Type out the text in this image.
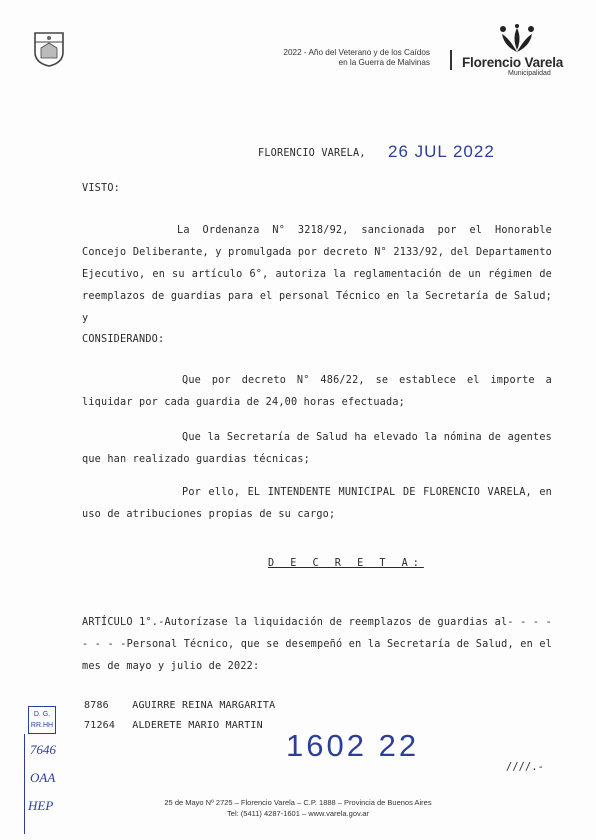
2022 - Año del Veterano y de los Caídos
en la Guerra de Malvinas Florencio Varela
Municipalidad
FLORENCIO VARELA, 26 JUL 2022
VISTO:
La Ordenanza N° 3218/92, sancionada por el Honorable Concejo Deliberante, y promulgada por decreto N° 2133/92, del Departamento Ejecutivo, en su artículo 6°, autoriza la reglamentación de un régimen de reemplazos de guardias para el personal Técnico en la Secretaría de Salud; y
CONSIDERANDO:
Que por decreto N° 486/22, se establece el importe a liquidar por cada guardia de 24,00 horas efectuada;
Que la Secretaría de Salud ha elevado la nómina de agentes que han realizado guardias técnicas;
Por ello, EL INTENDENTE MUNICIPAL DE FLORENCIO VARELA, en uso de atribuciones propias de su cargo;
D E C R E T A:
ARTÍCULO 1°.-Autorízase la liquidación de reemplazos de guardias al- - - - - - - -Personal Técnico, que se desempeñó en la Secretaría de Salud, en el mes de mayo y julio de 2022:
8786 AGUIRRE REINA MARGARITA
71264 ALDERETE MARIO MARTIN
1602 22
////.-
D. G.
RR.HH
7646
OAA
HEP	25 de Mayo Nº 2725 – Florencio Varela – C.P. 1888 – Provincia de Buenos Aires
Tel: (5411) 4287-1601 – www.varela.gov.ar
